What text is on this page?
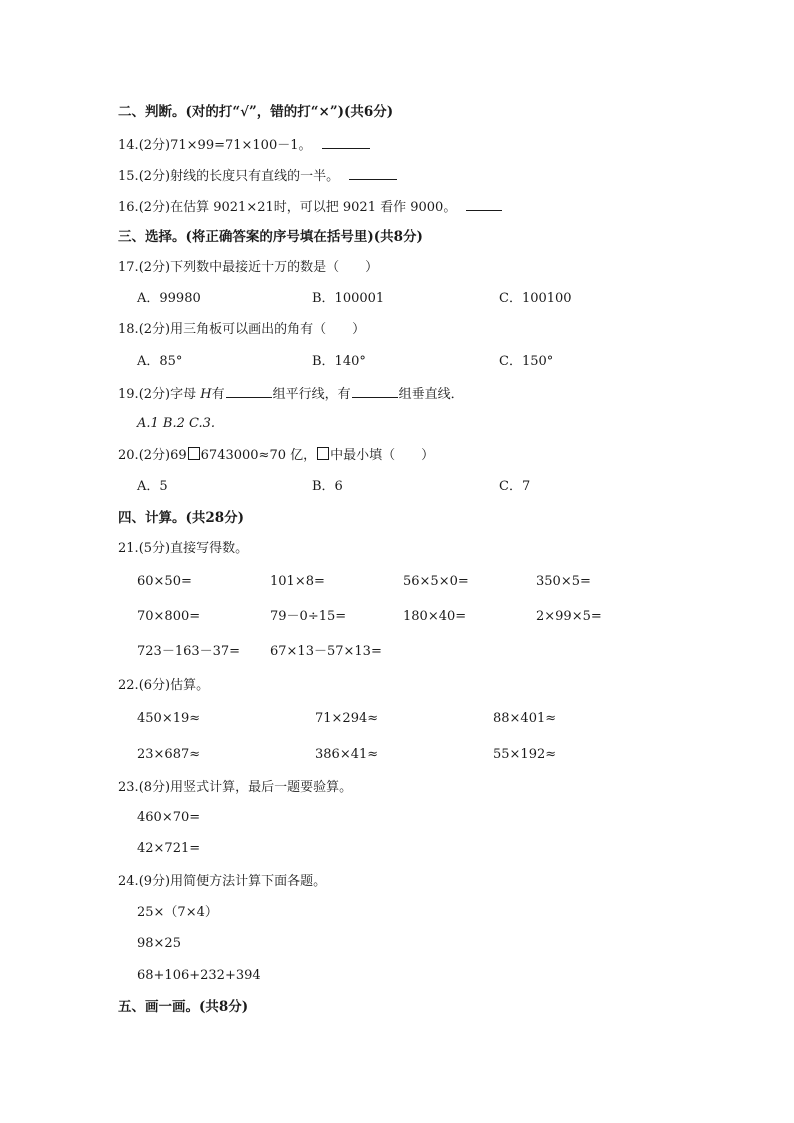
二、判断。(对的打“√”，错的打“×”)(共6分)
14.(2分)71×99=71×100－1。
15.(2分)射线的长度只有直线的一半。
16.(2分)在估算 9021×21时，可以把 9021 看作 9000。
三、选择。(将正确答案的序号填在括号里)(共8分)
17.(2分)下列数中最接近十万的数是（　　）
A．99980	B．100001	C．100100
18.(2分)用三角板可以画出的角有（　　）
A．85°	B．140°	C．150°
19.(2分)字母 H有	组平行线，有	组垂直线．
A.1 B.2 C.3.
20.(2分)69 6743000≈70 亿， 中最小填（　　）
A．5	B．6	C．7
四、计算。(共28分)
21.(5分)直接写得数。
60×50=	101×8=	56×5×0=	350×5=
70×800=	79－0÷15=	180×40=	2×99×5=
723－163－37= 67×13－57×13=
22.(6分)估算。
450×19≈	71×294≈	88×401≈
23×687≈	386×41≈	55×192≈
23.(8分)用竖式计算，最后一题要验算。
460×70=
42×721=
24.(9分)用简便方法计算下面各题。
25×（7×4）
98×25
68+106+232+394
五、画一画。(共8分)
